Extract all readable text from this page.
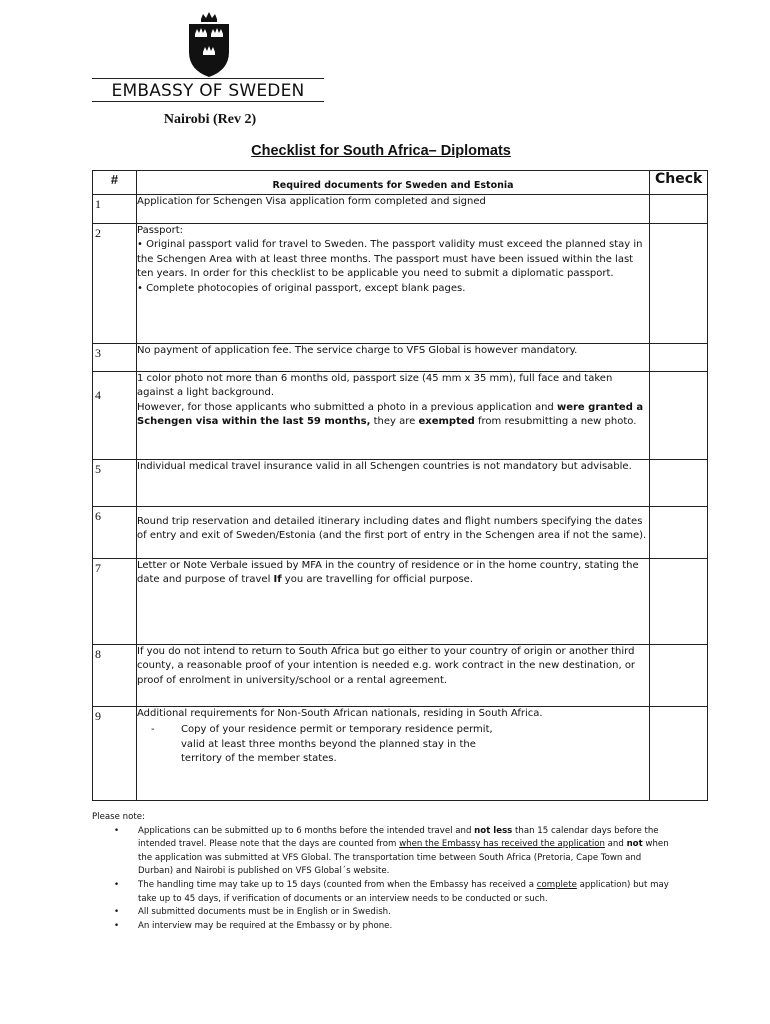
EMBASSY OF SWEDEN
Nairobi (Rev 2)
Checklist for South Africa– Diplomats
#	Required documents for Sweden and Estonia	Check
1	Application for Schengen Visa application form completed and signed	

2	Passport:

• Original passport valid for travel to Sweden. The passport validity must exceed the planned stay in the Schengen Area with at least three months. The passport must have been issued within the last ten years. In order for this checklist to be applicable you need to submit a diplomatic passport.

• Complete photocopies of original passport, except blank pages.	

3	No payment of application fee. The service charge to VFS Global is however mandatory.	

4	1 color photo not more than 6 months old, passport size (45 mm x 35 mm), full face and taken against a light background.

However, for those applicants who submitted a photo in a previous application and were granted a Schengen visa within the last 59 months, they are exempted from resubmitting a new photo.	

5	Individual medical travel insurance valid in all Schengen countries is not mandatory but advisable.	

6	Round trip reservation and detailed itinerary including dates and flight numbers specifying the dates of entry and exit of Sweden/Estonia (and the first port of entry in the Schengen area if not the same).	

7	Letter or Note Verbale issued by MFA in the country of residence or in the home country, stating the date and purpose of travel If you are travelling for official purpose.	

8	If you do not intend to return to South Africa but go either to your country of origin or another third county, a reasonable proof of your intention is needed e.g. work contract in the new destination, or proof of enrolment in university/school or a rental agreement.	

9	Additional requirements for Non-South African nationals, residing in South Africa.

- Copy of your residence permit or temporary residence permit, valid at least three months beyond the planned stay in the territory of the member states.	

Please note:

• Applications can be submitted up to 6 months before the intended travel and not less than 15 calendar days before the intended travel. Please note that the days are counted from when the Embassy has received the application and not when the application was submitted at VFS Global. The transportation time between South Africa (Pretoria, Cape Town and Durban) and Nairobi is published on VFS Global´s website.
• The handling time may take up to 15 days (counted from when the Embassy has received a complete application) but may take up to 45 days, if verification of documents or an interview needs to be conducted or such.
• All submitted documents must be in English or in Swedish.
• An interview may be required at the Embassy or by phone.
